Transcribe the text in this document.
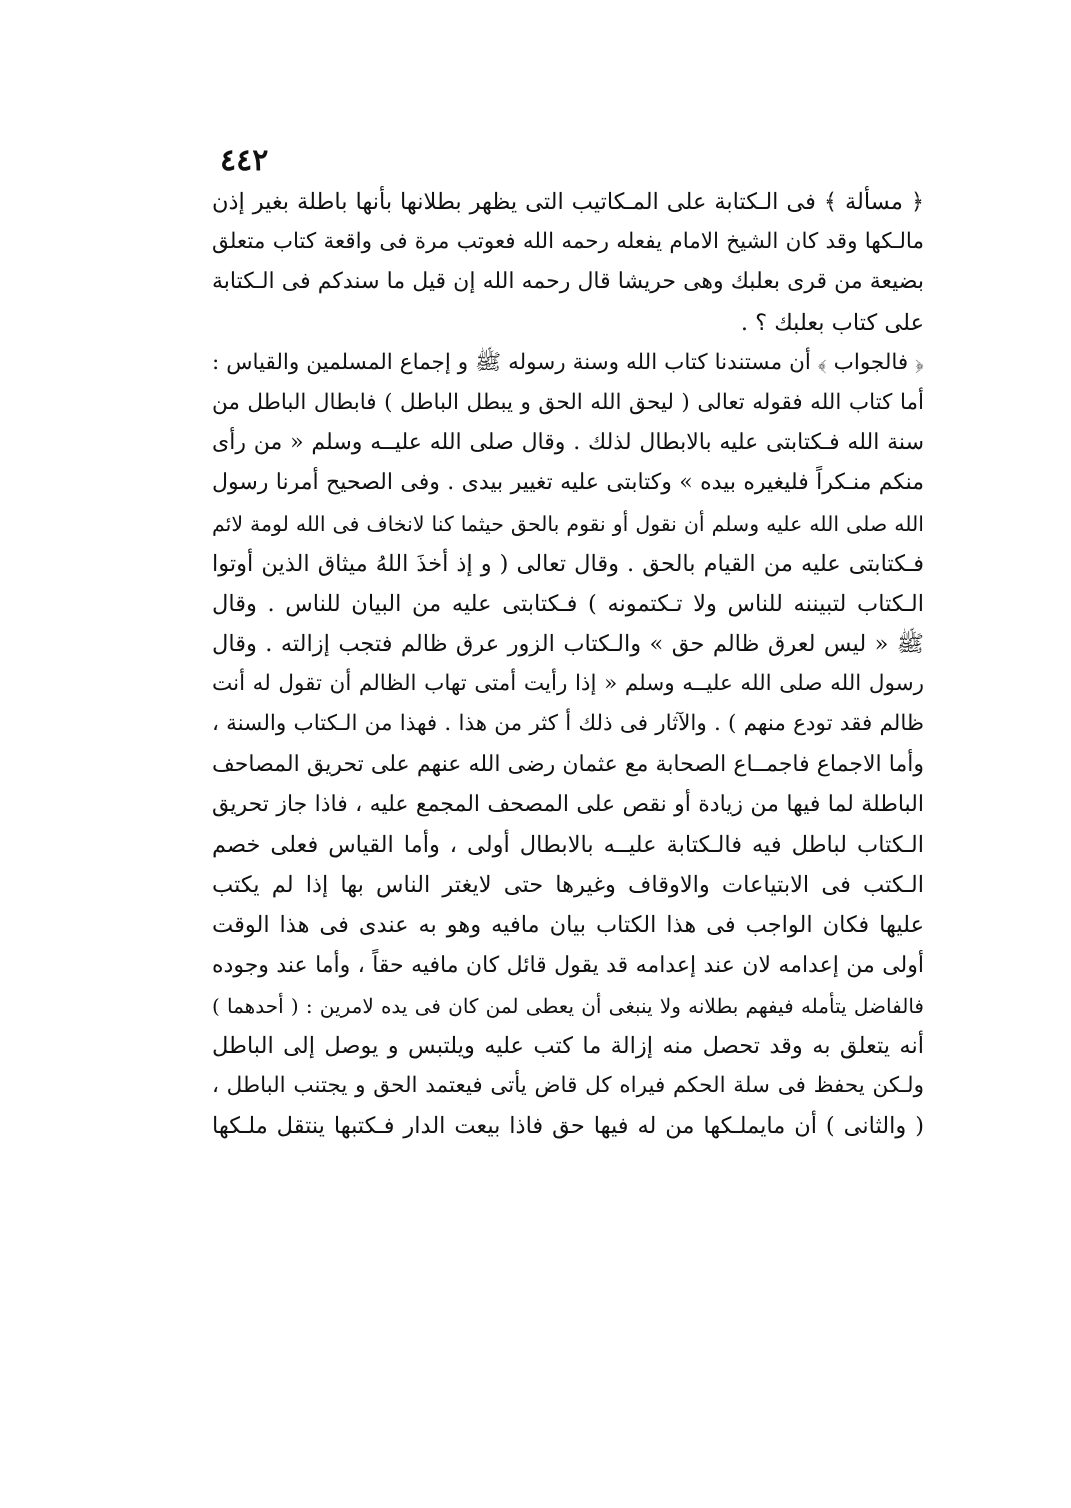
٤٤٢
﴿ مسألة ﴾ فى الـكتابة على المـكاتيب التى يظهر بطلانها بأنها باطلة بغير إذن
مالـكها وقد كان الشيخ الامام يفعله رحمه الله فعوتب مرة فى واقعة كتاب متعلق
بضيعة من قرى بعلبك وهى حريشا قال رحمه الله إن قيل ما سندكم فى الـكتابة
على كتاب بعلبك ؟ .
﴿ فالجواب ﴾ أن مستندنا كتاب الله وسنة رسوله ﷺ و إجماع المسلمين والقياس :
أما كتاب الله فقوله تعالى ( ليحق الله الحق و يبطل الباطل ) فابطال الباطل من
سنة الله فـكتابتى عليه بالابطال لذلك . وقال صلى الله عليــه وسلم « من رأى
منكم منـكراً فليغيره بيده » وكتابتى عليه تغيير بيدى . وفى الصحيح أمرنا رسول
الله صلى الله عليه وسلم أن نقول أو نقوم بالحق حيثما كنا لانخاف فى الله لومة لائم
فـكتابتى عليه من القيام بالحق . وقال تعالى ( و إذ أخذَ اللهُ ميثاق الذين أوتوا
الـكتاب لتبيننه للناس ولا تـكتمونه ) فـكتابتى عليه من البيان للناس . وقال
ﷺ « ليس لعرق ظالم حق » والـكتاب الزور عرق ظالم فتجب إزالته . وقال
رسول الله صلى الله عليــه وسلم « إذا رأيت أمتى تهاب الظالم أن تقول له أنت
ظالم فقد تودع منهم ) . والآثار فى ذلك أ كثر من هذا . فهذا من الـكتاب والسنة ،
وأما الاجماع فاجمــاع الصحابة مع عثمان رضى الله عنهم على تحريق المصاحف
الباطلة لما فيها من زيادة أو نقص على المصحف المجمع عليه ، فاذا جاز تحريق
الـكتاب لباطل فيه فالـكتابة عليــه بالابطال أولى ، وأما القياس فعلى خصم
الـكتب فى الابتياعات والاوقاف وغيرها حتى لايغتر الناس بها إذا لم يكتب
عليها فكان الواجب فى هذا الكتاب بيان مافيه وهو به عندى فى هذا الوقت
أولى من إعدامه لان عند إعدامه قد يقول قائل كان مافيه حقاً ، وأما عند وجوده
فالفاضل يتأمله فيفهم بطلانه ولا ينبغى أن يعطى لمن كان فى يده لامرين : ( أحدهما )
أنه يتعلق به وقد تحصل منه إزالة ما كتب عليه ويلتبس و يوصل إلى الباطل
ولـكن يحفظ فى سلة الحكم فيراه كل قاض يأتى فيعتمد الحق و يجتنب الباطل ،
( والثانى ) أن مايملـكها من له فيها حق فاذا بيعت الدار فـكتبها ينتقل ملـكها
